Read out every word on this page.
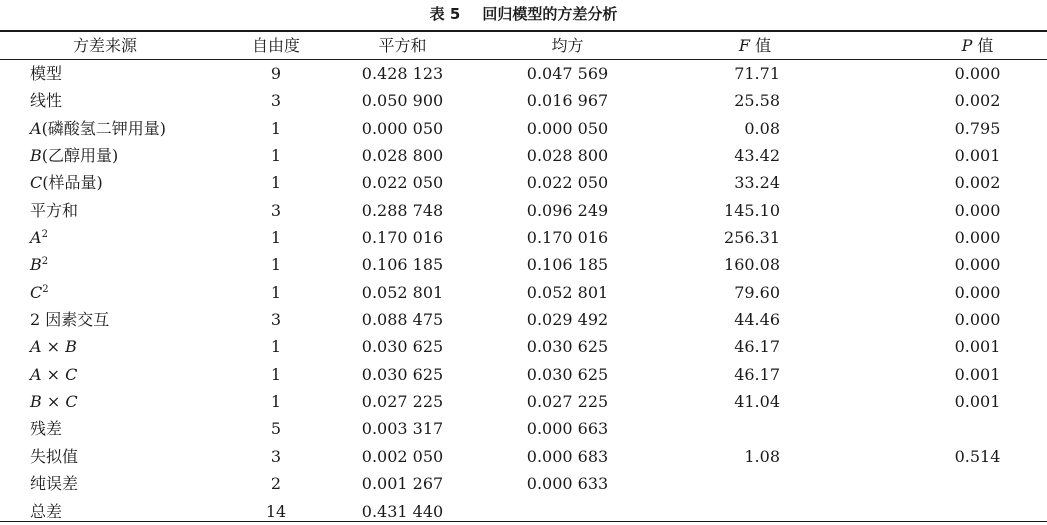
表 5 回归模型的方差分析
方差来源	自由度	平方和	均方	F 值	P 值
模型	9	0.428 123	0.047 569	71.71	0.000
线性	3	0.050 900	0.016 967	25.58	0.002
A(磷酸氢二钾用量)	1	0.000 050	0.000 050	0.08	0.795
B(乙醇用量)	1	0.028 800	0.028 800	43.42	0.001
C(样品量)	1	0.022 050	0.022 050	33.24	0.002
平方和	3	0.288 748	0.096 249	145.10	0.000
$A^2$	1	0.170 016	0.170 016	256.31	0.000
$B^2$	1	0.106 185	0.106 185	160.08	0.000
$C^2$	1	0.052 801	0.052 801	79.60	0.000
2 因素交互	3	0.088 475	0.029 492	44.46	0.000
A × B	1	0.030 625	0.030 625	46.17	0.001
A × C	1	0.030 625	0.030 625	46.17	0.001
B × C	1	0.027 225	0.027 225	41.04	0.001
残差	5	0.003 317	0.000 663
失拟值	3	0.002 050	0.000 683	1.08	0.514
纯误差	2	0.001 267	0.000 633
总差	14	0.431 440
